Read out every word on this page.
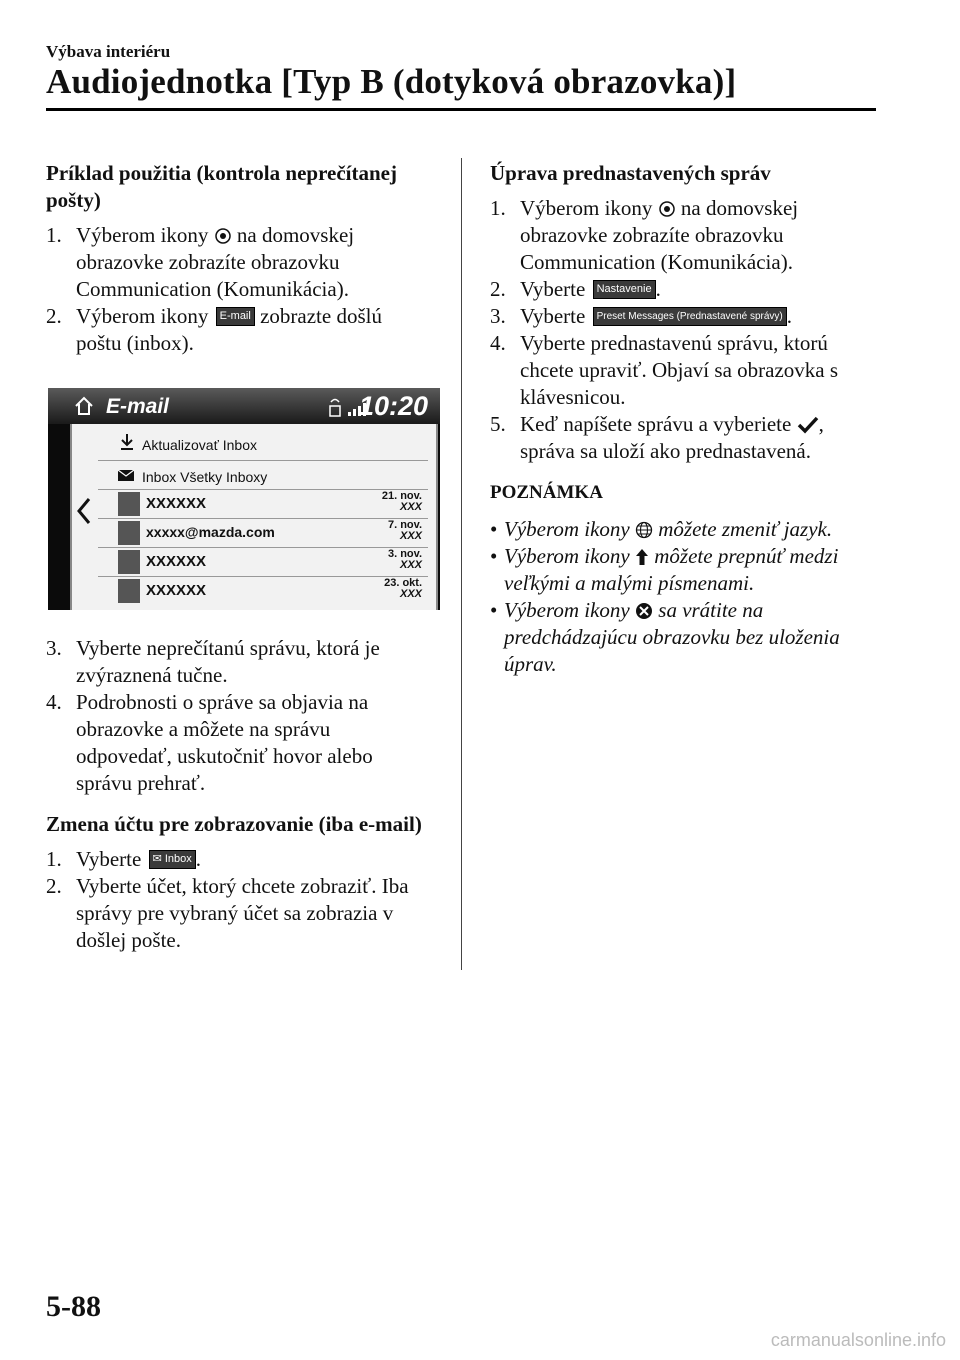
Výbava interiéru
Audiojednotka [Typ B (dotyková obrazovka)]
Príklad použitia (kontrola neprečítanej pošty)
1. Výberom ikony na domovskej obrazovke zobrazíte obrazovku Communication (Komunikácia).
2. Výberom ikony E-mail zobrazte došlú poštu (inbox).
3. Vyberte neprečítanú správu, ktorá je zvýraznená tučne.
4. Podrobnosti o správe sa objavia na obrazovke a môžete na správu odpovedať, uskutočniť hovor alebo správu prehrať.
Zmena účtu pre zobrazovanie (iba e-mail)
1. Vyberte ✉ Inbox .
2. Vyberte účet, ktorý chcete zobraziť. Iba správy pre vybraný účet sa zobrazia v došlej pošte.
E-mail	10:20
Aktualizovať Inbox
Inbox Všetky Inboxy
XXXXXX	21. nov.
XXX
xxxxx@mazda.com	7. nov.
XXX
XXXXXX	3. nov.
XXX
XXXXXX	23. okt.
XXX
Úprava prednastavených správ
1. Výberom ikony na domovskej obrazovke zobrazíte obrazovku Communication (Komunikácia).
2. Vyberte Nastavenie .
3. Vyberte Preset Messages (Prednastavené správy) .
4. Vyberte prednastavenú správu, ktorú chcete upraviť. Objaví sa obrazovka s klávesnicou.
5. Keď napíšete správu a vyberiete , správa sa uloží ako prednastavená.
POZNÁMKA
• Výberom ikony môžete zmeniť jazyk.
• Výberom ikony môžete prepnúť medzi veľkými a malými písmenami.
• Výberom ikony sa vrátite na predchádzajúcu obrazovku bez uloženia úprav.
5-88
carmanualsonline.info
